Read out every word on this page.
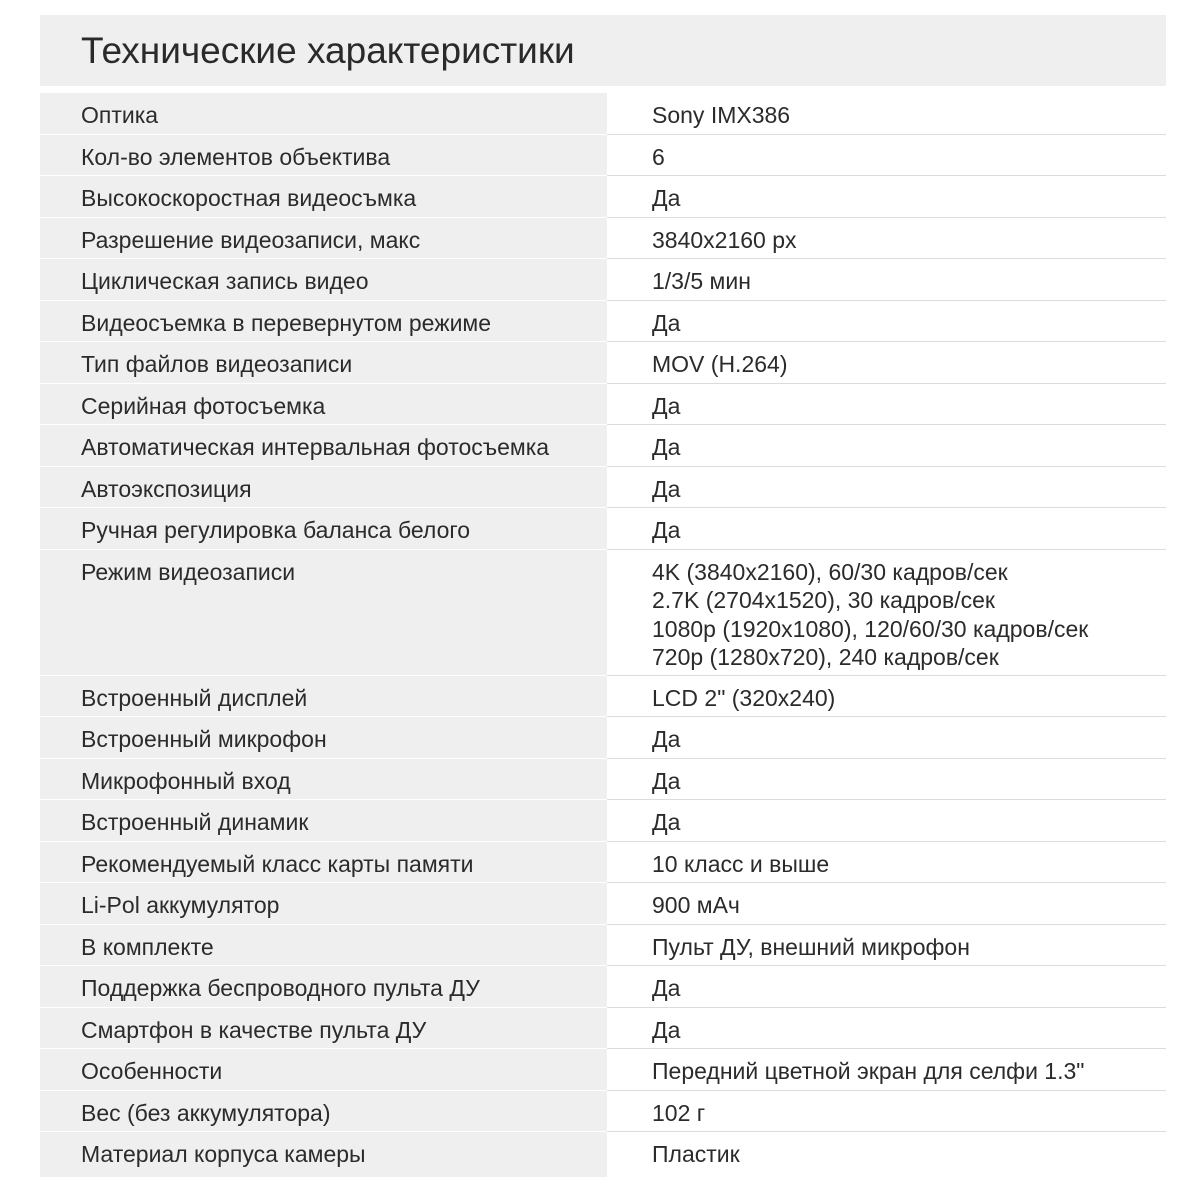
Технические характеристики
Оптика	Sony IMX386
Кол-во элементов объектива	6
Высокоскоростная видеосъмка	Да
Разрешение видеозаписи, макс	3840x2160 px
Циклическая запись видео	1/3/5 мин
Видеосъемка в перевернутом режиме	Да
Тип файлов видеозаписи	MOV (H.264)
Серийная фотосъемка	Да
Автоматическая интервальная фотосъемка	Да
Автоэкспозиция	Да
Ручная регулировка баланса белого	Да
Режим видеозаписи	4K (3840x2160), 60/30 кадров/сек
2.7K (2704x1520), 30 кадров/сек
1080p (1920x1080), 120/60/30 кадров/сек
720p (1280x720), 240 кадров/сек
Встроенный дисплей	LCD 2" (320x240)
Встроенный микрофон	Да
Микрофонный вход	Да
Встроенный динамик	Да
Рекомендуемый класс карты памяти	10 класс и выше
Li-Pol аккумулятор	900 мАч
В комплекте	Пульт ДУ, внешний микрофон
Поддержка беспроводного пульта ДУ	Да
Смартфон в качестве пульта ДУ	Да
Особенности	Передний цветной экран для селфи 1.3"
Вес (без аккумулятора)	102 г
Материал корпуса камеры	Пластик
